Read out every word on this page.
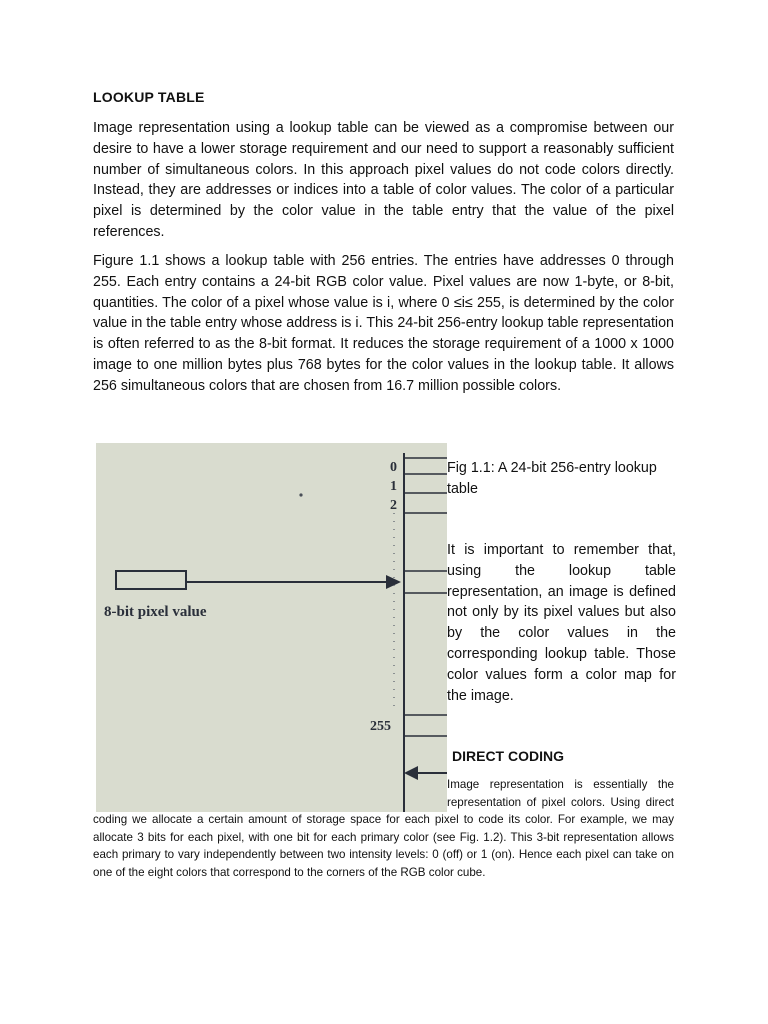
LOOKUP TABLE

Image representation using a lookup table can be viewed as a compromise between our desire to have a lower storage requirement and our need to support a reasonably sufficient number of simultaneous colors. In this approach pixel values do not code colors directly. Instead, they are addresses or indices into a table of color values. The color of a particular pixel is determined by the color value in the table entry that the value of the pixel references.

Figure 1.1 shows a lookup table with 256 entries. The entries have addresses 0 through 255. Each entry contains a 24-bit RGB color value. Pixel values are now 1-byte, or 8-bit, quantities. The color of a pixel whose value is i, where 0 ≤i≤ 255, is determined by the color value in the table entry whose address is i. This 24-bit 256-entry lookup table representation is often referred to as the 8-bit format. It reduces the storage requirement of a 1000 x 1000 image to one million bytes plus 768 bytes for the color values in the lookup table. It allows 256 simultaneous colors that are chosen from 16.7 million possible colors.

8-bit pixel value
0
1
2
255

Fig 1.1: A 24-bit 256-entry lookup table

It is important to remember that, using the lookup table representation, an image is defined not only by its pixel values but also by the color values in the corresponding lookup table. Those color values form a color map for the image.

DIRECT CODING
Image representation is essentially the representation of pixel colors. Using direct coding we allocate a certain amount of storage space for each pixel to code its color. For example, we may allocate 3 bits for each pixel, with one bit for each primary color (see Fig. 1.2). This 3-bit representation allows each primary to vary independently between two intensity levels: 0 (off) or 1 (on). Hence each pixel can take on one of the eight colors that correspond to the corners of the RGB color cube.
